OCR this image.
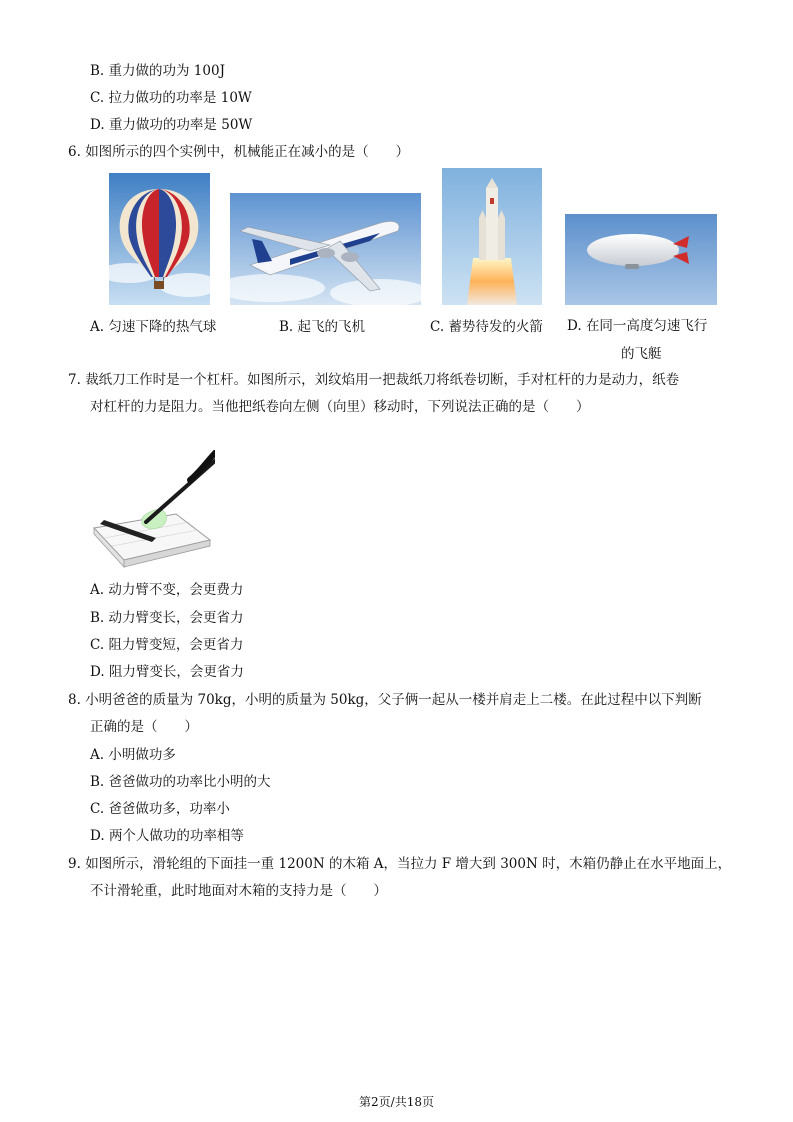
B. 重力做的功为 100J
C. 拉力做功的功率是 10W
D. 重力做功的功率是 50W
6. 如图所示的四个实例中，机械能正在减小的是（　　）
A. 匀速下降的热气球	B. 起飞的飞机	C. 蓄势待发的火箭 D. 在同一高度匀速飞行
的飞艇
7. 裁纸刀工作时是一个杠杆。如图所示，刘纹焰用一把裁纸刀将纸卷切断，手对杠杆的力是动力，纸卷
对杠杆的力是阻力。当他把纸卷向左侧（向里）移动时，下列说法正确的是（　　）
A. 动力臂不变，会更费力
B. 动力臂变长，会更省力
C. 阻力臂变短，会更省力
D. 阻力臂变长，会更省力
8. 小明爸爸的质量为 70kg，小明的质量为 50kg，父子俩一起从一楼并肩走上二楼。在此过程中以下判断
正确的是（　　）
A. 小明做功多
B. 爸爸做功的功率比小明的大
C. 爸爸做功多，功率小
D. 两个人做功的功率相等
9. 如图所示，滑轮组的下面挂一重 1200N 的木箱 A，当拉力 F 增大到 300N 时，木箱仍静止在水平地面上，
不计滑轮重，此时地面对木箱的支持力是（　　）
第2页/共18页
